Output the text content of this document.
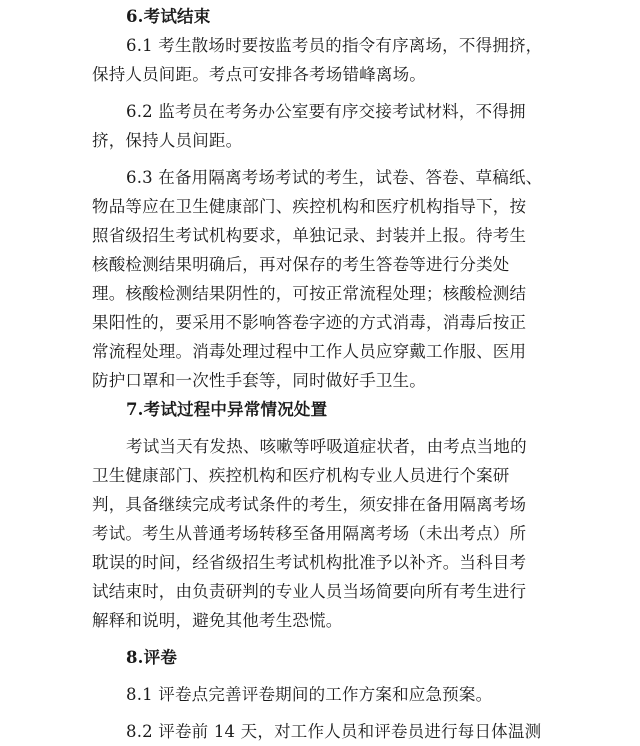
6.考试结束
6.1 考生散场时要按监考员的指令有序离场，不得拥挤，
保持人员间距。考点可安排各考场错峰离场。
6.2 监考员在考务办公室要有序交接考试材料，不得拥
挤，保持人员间距。
6.3 在备用隔离考场考试的考生，试卷、答卷、草稿纸、
物品等应在卫生健康部门、疾控机构和医疗机构指导下，按
照省级招生考试机构要求，单独记录、封装并上报。待考生
核酸检测结果明确后，再对保存的考生答卷等进行分类处
理。核酸检测结果阴性的，可按正常流程处理；核酸检测结
果阳性的，要采用不影响答卷字迹的方式消毒，消毒后按正
常流程处理。消毒处理过程中工作人员应穿戴工作服、医用
防护口罩和一次性手套等，同时做好手卫生。
7.考试过程中异常情况处置
考试当天有发热、咳嗽等呼吸道症状者，由考点当地的
卫生健康部门、疾控机构和医疗机构专业人员进行个案研
判，具备继续完成考试条件的考生，须安排在备用隔离考场
考试。考生从普通考场转移至备用隔离考场（未出考点）所
耽误的时间，经省级招生考试机构批准予以补齐。当科目考
试结束时，由负责研判的专业人员当场简要向所有考生进行
解释和说明，避免其他考生恐慌。
8.评卷
8.1 评卷点完善评卷期间的工作方案和应急预案。
8.2 评卷前 14 天，对工作人员和评卷员进行每日体温测
